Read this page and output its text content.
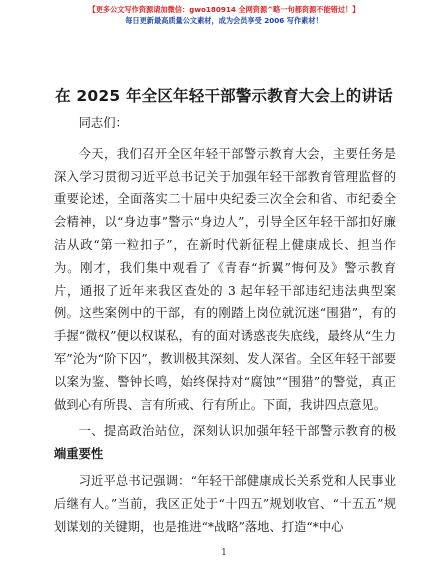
【更多公文写作资源请加微信：gwo180914 全网资源^略一句都资源不能错过！】
每日更新最高质量公文素材，成为会员享受 2006 写作素材！
在 2025 年全区年轻干部警示教育大会上的讲话

同志们：

今天，我们召开全区年轻干部警示教育大会，主要任务是深入学习贯彻习近平总书记关于加强年轻干部教育管理监督的重要论述，全面落实二十届中央纪委三次全会和省、市纪委全会精神，以“身边事”警示“身边人”，引导全区年轻干部扣好廉洁从政“第一粒扣子”，在新时代新征程上健康成长、担当作为。刚才，我们集中观看了《青春“折翼”悔何及》警示教育片，通报了近年来我区查处的 3 起年轻干部违纪违法典型案例。这些案例中的干部，有的刚踏上岗位就沉迷“围猎”，有的手握“微权”便以权谋私，有的面对诱惑丧失底线，最终从“生力军”沦为“阶下囚”，教训极其深刻、发人深省。全区年轻干部要以案为鉴、警钟长鸣，始终保持对“腐蚀”“围猎”的警觉，真正做到心有所畏、言有所戒、行有所止。下面，我讲四点意见。

一、提高政治站位，深刻认识加强年轻干部警示教育的极端重要性

习近平总书记强调：“年轻干部健康成长关系党和人民事业后继有人。”当前，我区正处于“十四五”规划收官、“十五五”规划谋划的关键期，也是推进“*战略”落地、打造“*中心

1
